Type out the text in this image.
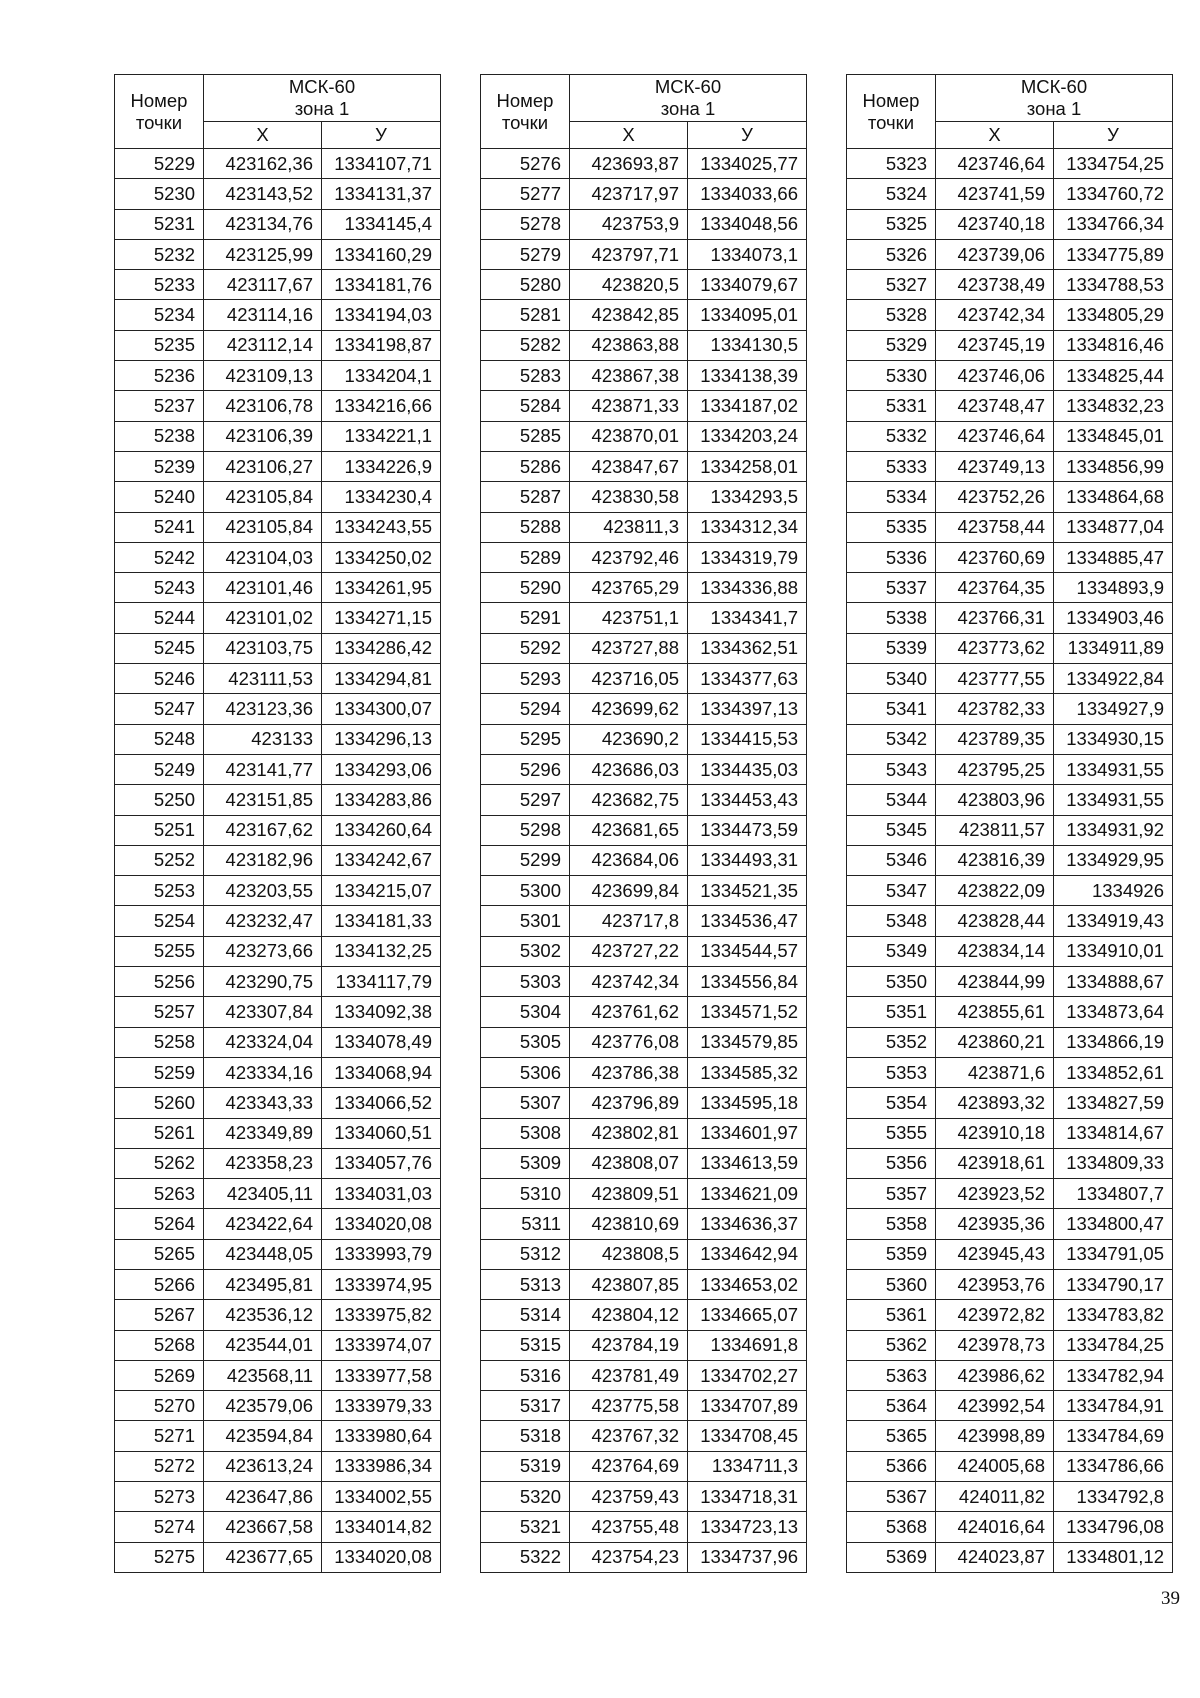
Номер точки	МСК-60
зона 1	

	Х	У
5229	423162,36	1334107,71
5230	423143,52	1334131,37
5231	423134,76	1334145,4
5232	423125,99	1334160,29
5233	423117,67	1334181,76
5234	423114,16	1334194,03
5235	423112,14	1334198,87
5236	423109,13	1334204,1
5237	423106,78	1334216,66
5238	423106,39	1334221,1
5239	423106,27	1334226,9
5240	423105,84	1334230,4
5241	423105,84	1334243,55
5242	423104,03	1334250,02
5243	423101,46	1334261,95
5244	423101,02	1334271,15
5245	423103,75	1334286,42
5246	423111,53	1334294,81
5247	423123,36	1334300,07
5248	423133	1334296,13
5249	423141,77	1334293,06
5250	423151,85	1334283,86
5251	423167,62	1334260,64
5252	423182,96	1334242,67
5253	423203,55	1334215,07
5254	423232,47	1334181,33
5255	423273,66	1334132,25
5256	423290,75	1334117,79
5257	423307,84	1334092,38
5258	423324,04	1334078,49
5259	423334,16	1334068,94
5260	423343,33	1334066,52
5261	423349,89	1334060,51
5262	423358,23	1334057,76
5263	423405,11	1334031,03
5264	423422,64	1334020,08
5265	423448,05	1333993,79
5266	423495,81	1333974,95
5267	423536,12	1333975,82
5268	423544,01	1333974,07
5269	423568,11	1333977,58
5270	423579,06	1333979,33
5271	423594,84	1333980,64
5272	423613,24	1333986,34
5273	423647,86	1334002,55
5274	423667,58	1334014,82
5275	423677,65	1334020,08
Номер точки	МСК-60
зона 1	

	Х	У
5276	423693,87	1334025,77
5277	423717,97	1334033,66
5278	423753,9	1334048,56
5279	423797,71	1334073,1
5280	423820,5	1334079,67
5281	423842,85	1334095,01
5282	423863,88	1334130,5
5283	423867,38	1334138,39
5284	423871,33	1334187,02
5285	423870,01	1334203,24
5286	423847,67	1334258,01
5287	423830,58	1334293,5
5288	423811,3	1334312,34
5289	423792,46	1334319,79
5290	423765,29	1334336,88
5291	423751,1	1334341,7
5292	423727,88	1334362,51
5293	423716,05	1334377,63
5294	423699,62	1334397,13
5295	423690,2	1334415,53
5296	423686,03	1334435,03
5297	423682,75	1334453,43
5298	423681,65	1334473,59
5299	423684,06	1334493,31
5300	423699,84	1334521,35
5301	423717,8	1334536,47
5302	423727,22	1334544,57
5303	423742,34	1334556,84
5304	423761,62	1334571,52
5305	423776,08	1334579,85
5306	423786,38	1334585,32
5307	423796,89	1334595,18
5308	423802,81	1334601,97
5309	423808,07	1334613,59
5310	423809,51	1334621,09
5311	423810,69	1334636,37
5312	423808,5	1334642,94
5313	423807,85	1334653,02
5314	423804,12	1334665,07
5315	423784,19	1334691,8
5316	423781,49	1334702,27
5317	423775,58	1334707,89
5318	423767,32	1334708,45
5319	423764,69	1334711,3
5320	423759,43	1334718,31
5321	423755,48	1334723,13
5322	423754,23	1334737,96
Номер точки	МСК-60
зона 1	

	Х	У
5323	423746,64	1334754,25
5324	423741,59	1334760,72
5325	423740,18	1334766,34
5326	423739,06	1334775,89
5327	423738,49	1334788,53
5328	423742,34	1334805,29
5329	423745,19	1334816,46
5330	423746,06	1334825,44
5331	423748,47	1334832,23
5332	423746,64	1334845,01
5333	423749,13	1334856,99
5334	423752,26	1334864,68
5335	423758,44	1334877,04
5336	423760,69	1334885,47
5337	423764,35	1334893,9
5338	423766,31	1334903,46
5339	423773,62	1334911,89
5340	423777,55	1334922,84
5341	423782,33	1334927,9
5342	423789,35	1334930,15
5343	423795,25	1334931,55
5344	423803,96	1334931,55
5345	423811,57	1334931,92
5346	423816,39	1334929,95
5347	423822,09	1334926
5348	423828,44	1334919,43
5349	423834,14	1334910,01
5350	423844,99	1334888,67
5351	423855,61	1334873,64
5352	423860,21	1334866,19
5353	423871,6	1334852,61
5354	423893,32	1334827,59
5355	423910,18	1334814,67
5356	423918,61	1334809,33
5357	423923,52	1334807,7
5358	423935,36	1334800,47
5359	423945,43	1334791,05
5360	423953,76	1334790,17
5361	423972,82	1334783,82
5362	423978,73	1334784,25
5363	423986,62	1334782,94
5364	423992,54	1334784,91
5365	423998,89	1334784,69
5366	424005,68	1334786,66
5367	424011,82	1334792,8
5368	424016,64	1334796,08
5369	424023,87	1334801,12
39
